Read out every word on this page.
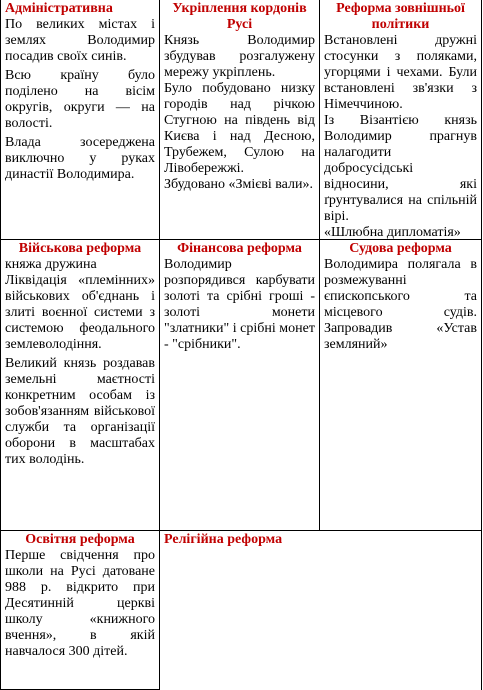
Адміністративна

По великих містах і землях Володимир посадив своїх синів.

Всю країну було поділено на вісім округів, округи — на волості.

Влада зосереджена виключно у руках династії Володимира.

Укріплення кордонів Русі

Князь Володимир збудував розгалужену мережу укріплень.

Було побудовано низку городів над річкою Стугною на південь від Києва і над Десною, Трубежем, Сулою на Лівобережжі.

Збудовано «Змієві вали».

Реформа зовнішньої політики

Встановлені дружні стосунки з поляками, угорцями і чехами. Були встановлені зв'язки з Німеччиною.

Із Візантією князь Володимир прагнув налагодити добросусідські відносини, які ґрунтувалися на спільній вірі.

«Шлюбна дипломатія»

Військова реформа

княжа дружина

Ліквідація «племінних» військових об'єднань і злиті воєнної системи з системою феодального землеволодіння.

Великий князь роздавав земельні маєтності конкретним особам із зобов'язанням військової служби та організації оборони в масштабах тих володінь.

Фінансова реформа

Володимир розпорядився карбувати золоті та срібні гроші - золоті монети "златники" і срібні монет - "срібники".

Судова реформа

Володимира полягала в розмежуванні єпископського та місцевого судів. Запровадив «Устав земляний»

Освітня реформа

Перше свідчення про школи на Русі датоване 988 р. відкрито при Десятинній церкві школу «книжного вчення», в якій навчалося 300 дітей.

Релігійна реформа
